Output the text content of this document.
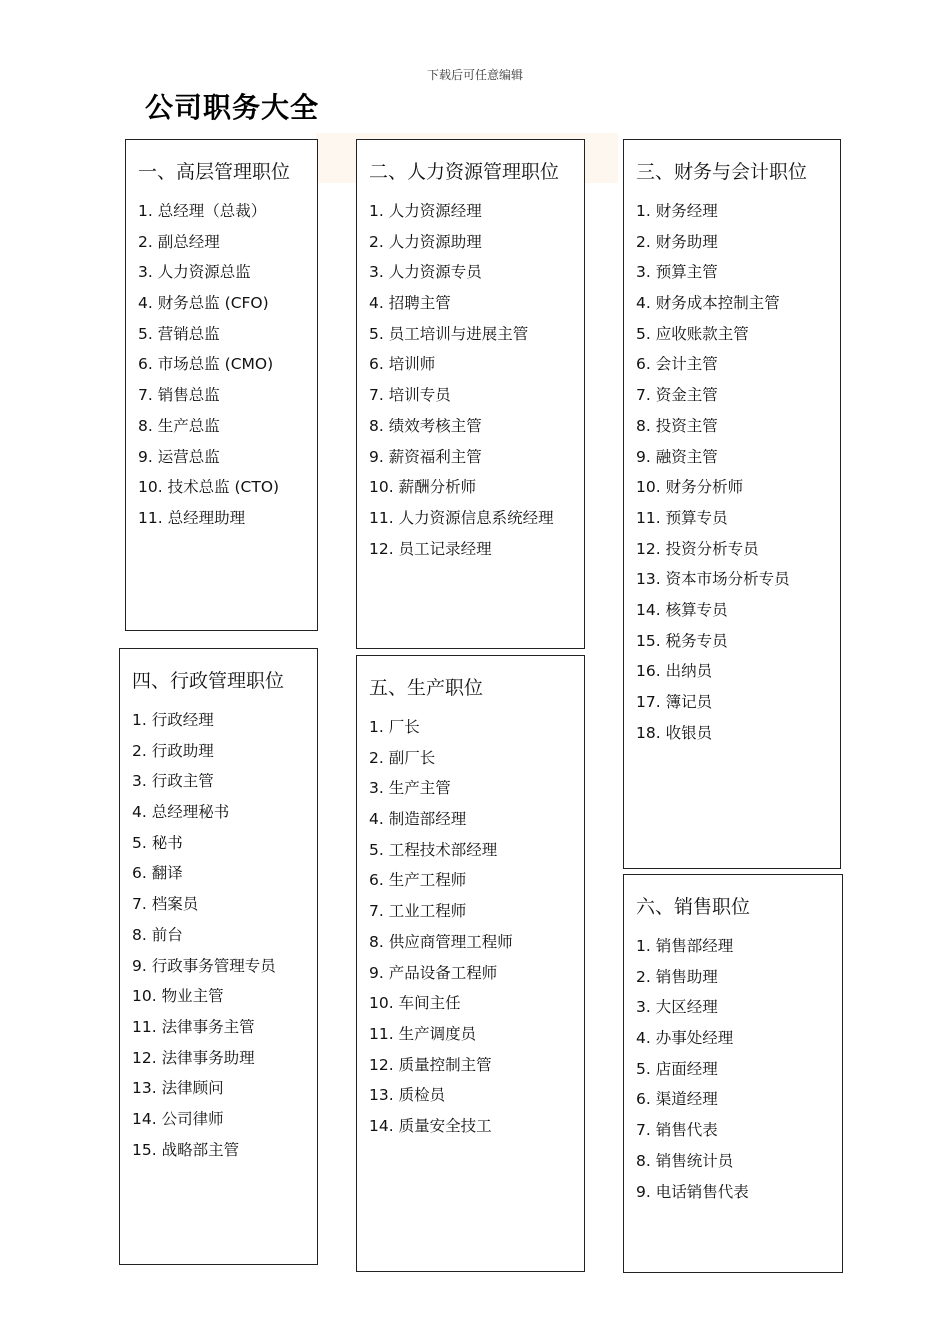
下载后可任意编辑
公司职务大全
一、高层管理职位
1. 总经理（总裁）
2. 副总经理
3. 人力资源总监
4. 财务总监 (CFO)
5. 营销总监
6. 市场总监 (CMO)
7. 销售总监
8. 生产总监
9. 运营总监
10. 技术总监 (CTO)
11. 总经理助理
二、人力资源管理职位
1. 人力资源经理
2. 人力资源助理
3. 人力资源专员
4. 招聘主管
5. 员工培训与进展主管
6. 培训师
7. 培训专员
8. 绩效考核主管
9. 薪资福利主管
10. 薪酬分析师
11. 人力资源信息系统经理
12. 员工记录经理
三、财务与会计职位
1. 财务经理
2. 财务助理
3. 预算主管
4. 财务成本控制主管
5. 应收账款主管
6. 会计主管
7. 资金主管
8. 投资主管
9. 融资主管
10. 财务分析师
11. 预算专员
12. 投资分析专员
13. 资本市场分析专员
14. 核算专员
15. 税务专员
16. 出纳员
17. 簿记员
18. 收银员
四、行政管理职位
1. 行政经理
2. 行政助理
3. 行政主管
4. 总经理秘书
5. 秘书
6. 翻译
7. 档案员
8. 前台
9. 行政事务管理专员
10. 物业主管
11. 法律事务主管
12. 法律事务助理
13. 法律顾问
14. 公司律师
15. 战略部主管
五、生产职位
1. 厂长
2. 副厂长
3. 生产主管
4. 制造部经理
5. 工程技术部经理
6. 生产工程师
7. 工业工程师
8. 供应商管理工程师
9. 产品设备工程师
10. 车间主任
11. 生产调度员
12. 质量控制主管
13. 质检员
14. 质量安全技工
六、销售职位
1. 销售部经理
2. 销售助理
3. 大区经理
4. 办事处经理
5. 店面经理
6. 渠道经理
7. 销售代表
8. 销售统计员
9. 电话销售代表
